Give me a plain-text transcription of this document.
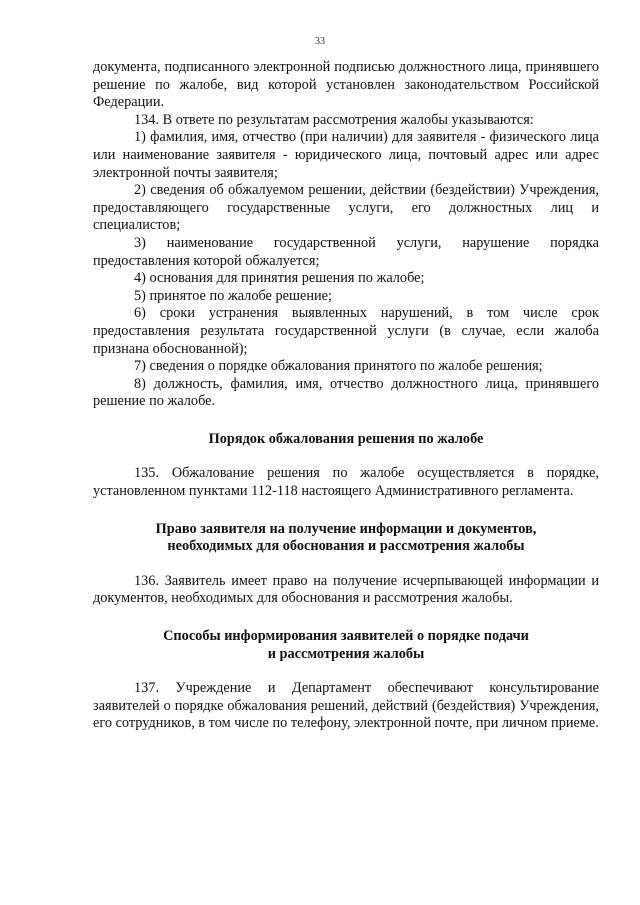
33

документа, подписанного электронной подписью должностного лица, принявшего решение по жалобе, вид которой установлен законодательством Российской Федерации.

134. В ответе по результатам рассмотрения жалобы указываются:

1) фамилия, имя, отчество (при наличии) для заявителя - физического лица или наименование заявителя - юридического лица, почтовый адрес или адрес электронной почты заявителя;

2) сведения об обжалуемом решении, действии (бездействии) Учреждения, предоставляющего государственные услуги, его должностных лиц и специалистов;

3) наименование государственной услуги, нарушение порядка предоставления которой обжалуется;

4) основания для принятия решения по жалобе;

5) принятое по жалобе решение;

6) сроки устранения выявленных нарушений, в том числе срок предоставления результата государственной услуги (в случае, если жалоба признана обоснованной);

7) сведения о порядке обжалования принятого по жалобе решения;

8) должность, фамилия, имя, отчество должностного лица, принявшего решение по жалобе.

Порядок обжалования решения по жалобе

135. Обжалование решения по жалобе осуществляется в порядке, установленном пунктами 112-118 настоящего Административного регламента.

Право заявителя на получение информации и документов,
необходимых для обоснования и рассмотрения жалобы

136. Заявитель имеет право на получение исчерпывающей информации и документов, необходимых для обоснования и рассмотрения жалобы.

Способы информирования заявителей о порядке подачи
и рассмотрения жалобы

137. Учреждение и Департамент обеспечивают консультирование заявителей о порядке обжалования решений, действий (бездействия) Учреждения, его сотрудников, в том числе по телефону, электронной почте, при личном приеме.
